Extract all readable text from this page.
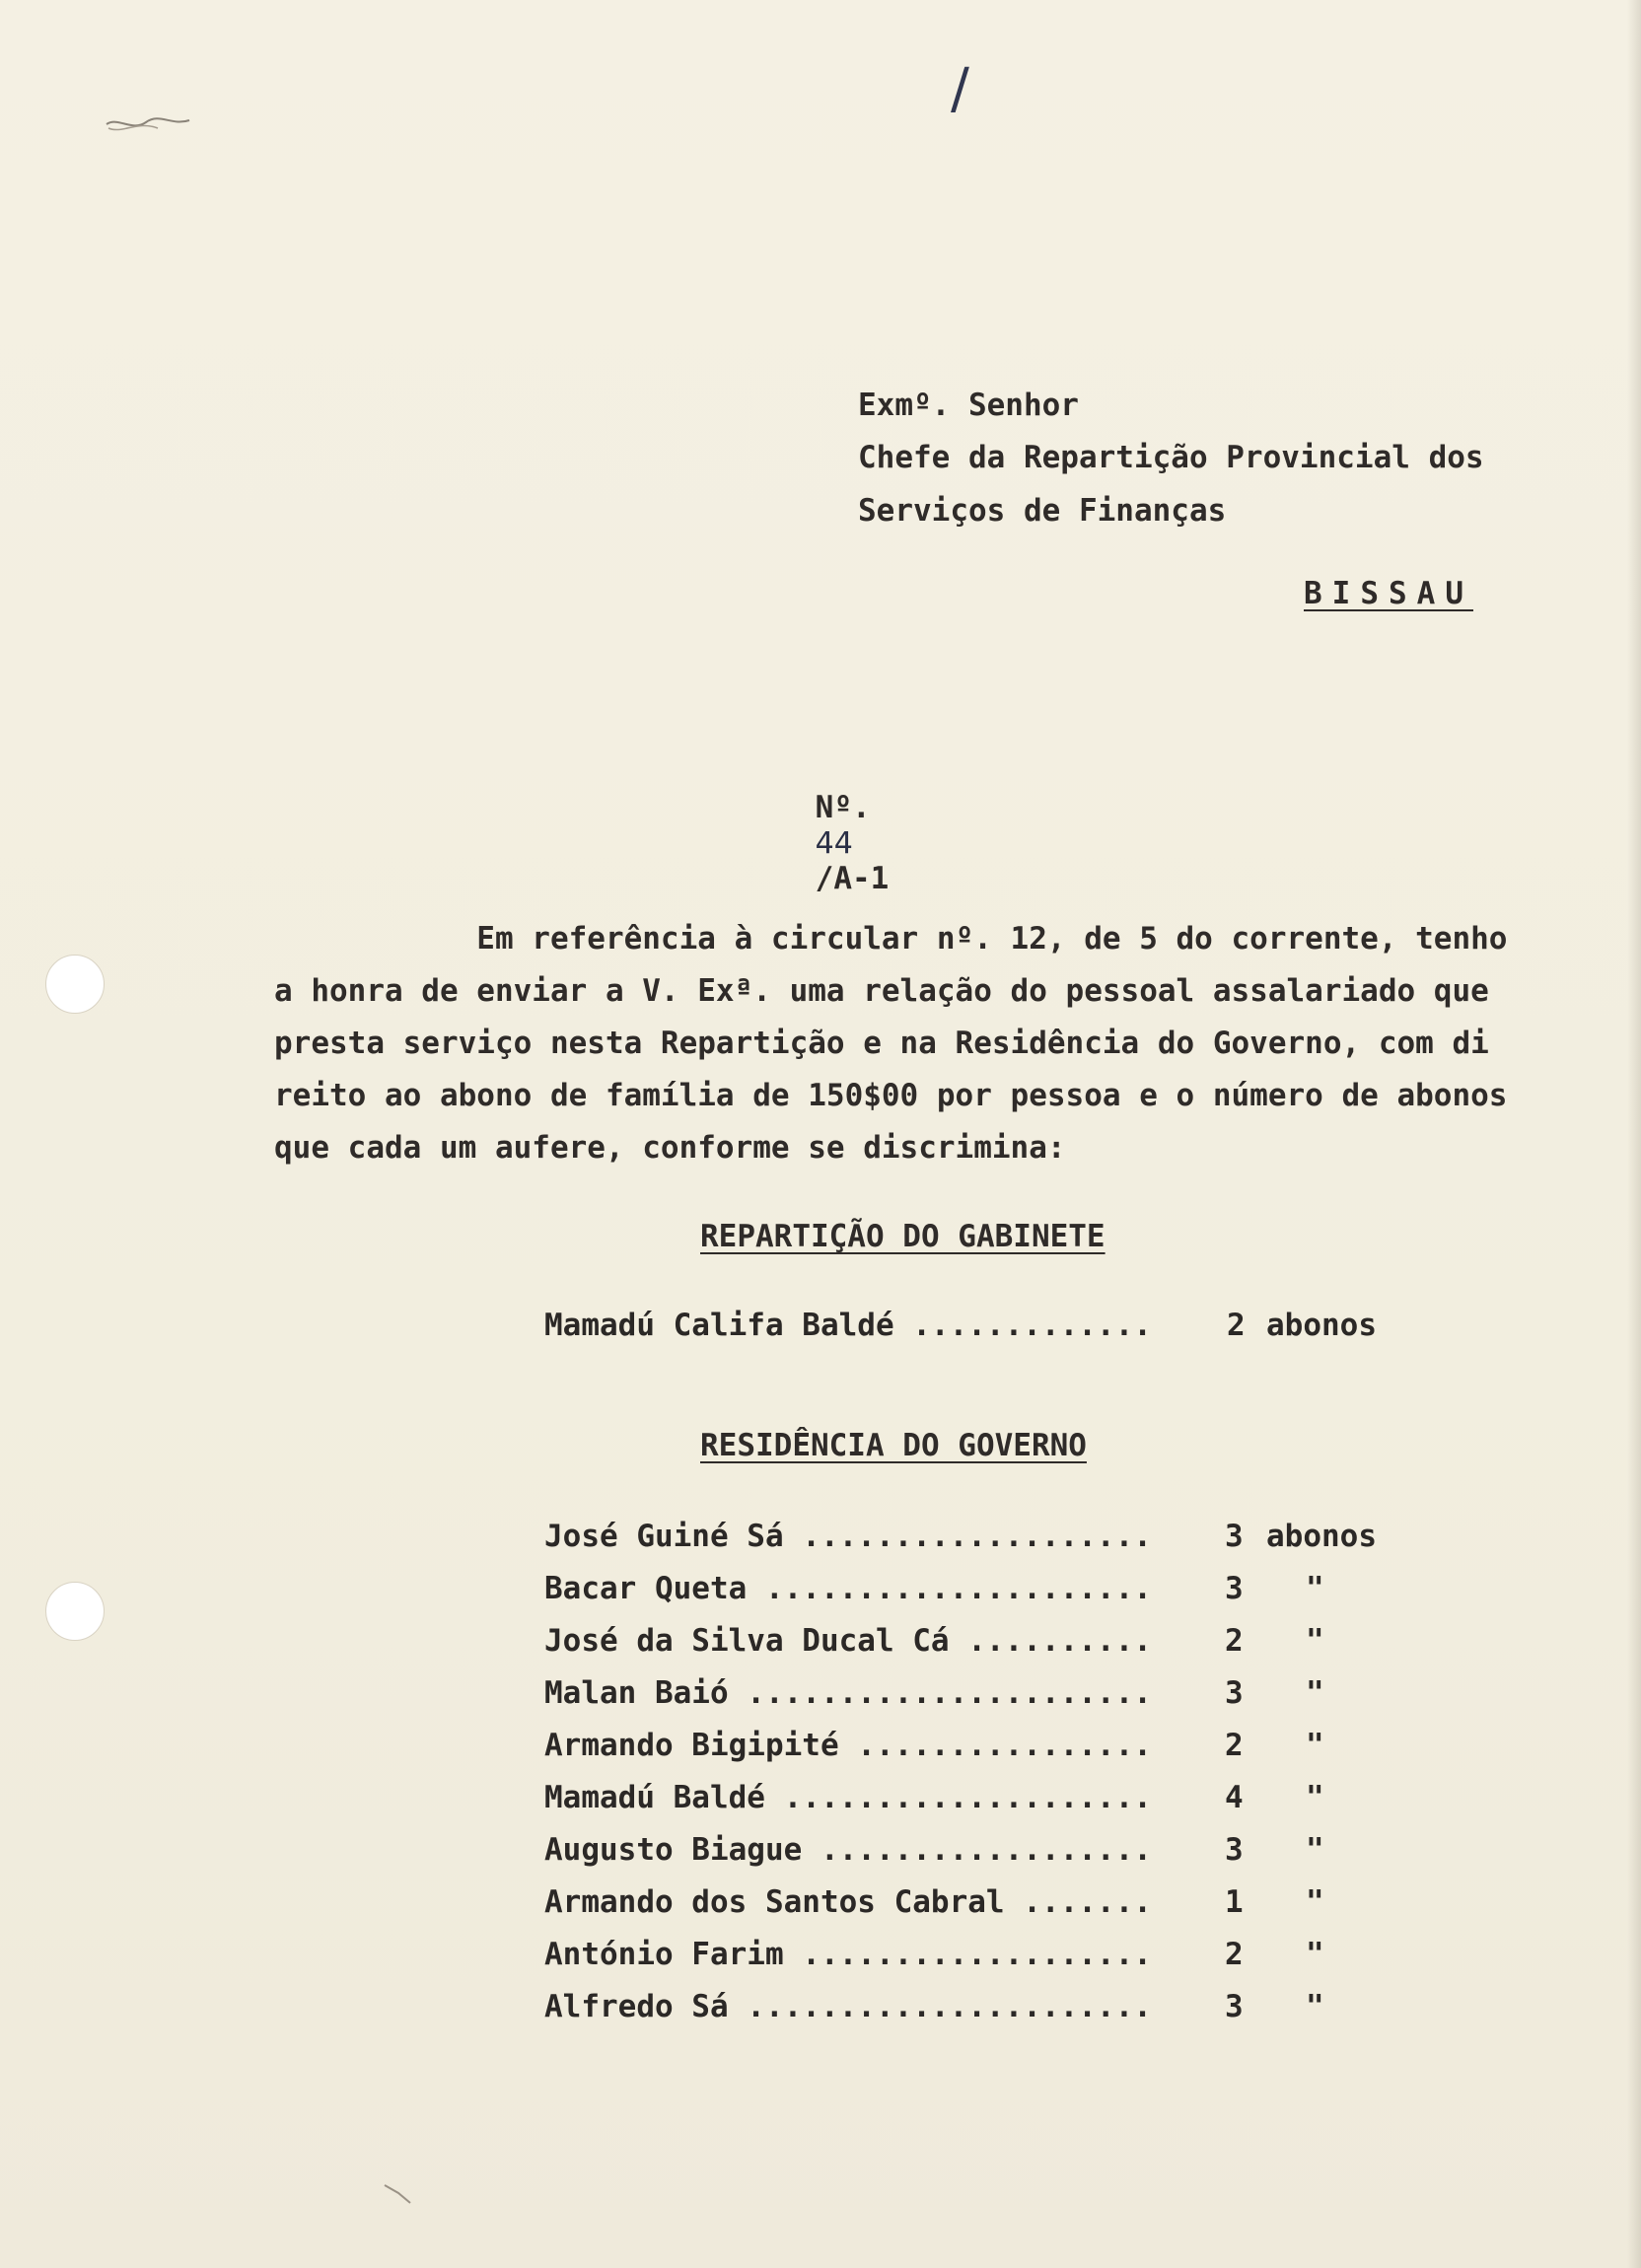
/

Exmº. Senhor

Chefe da Repartição Provincial dos

Serviços de Finanças

BISSAU

Nº.
44
/A-1

Em referência à circular nº. 12, de 5 do corrente, tenho
a honra de enviar a V. Exª. uma relação do pessoal assalariado que
presta serviço nesta Repartição e na Residência do Governo, com di
reito ao abono de família de 150$00 por pessoa e o número de abonos
que cada um aufere, conforme se discrimina:

REPARTIÇÃO DO GABINETE

Mamadú Califa Baldé ............. 2 abonos

RESIDÊNCIA DO GOVERNO

José Guiné Sá ................... 3 abonos
Bacar Queta ..................... 3 "
José da Silva Ducal Cá .......... 2 "
Malan Baió ...................... 3 "
Armando Bigipité ................ 2 "
Mamadú Baldé .................... 4 "
Augusto Biague .................. 3 "
Armando dos Santos Cabral ....... 1 "
António Farim ................... 2 "
Alfredo Sá ...................... 3 "
